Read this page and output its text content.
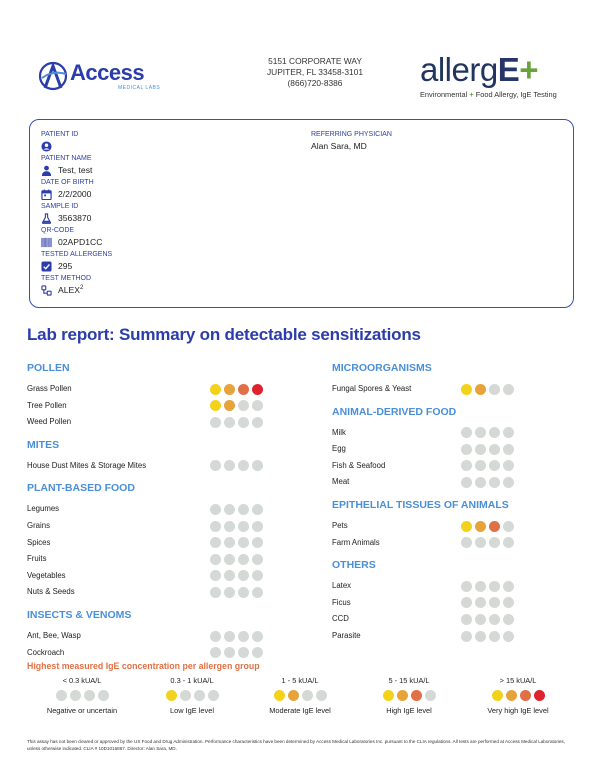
Access
MEDICAL LABS
5151 CORPORATE WAY
JUPITER, FL 33458-3101
(866)720-8386	allergE+
Environmental + Food Allergy, IgE Testing
PATIENT ID
PATIENT NAME
Test, test
DATE OF BIRTH
2/2/2000
SAMPLE ID
3563870
QR-CODE
02APD1CC
TESTED ALLERGENS
295
TEST METHOD
ALEX$^2$
REFERRING PHYSICIAN
Alan Sara, MD
Lab report: Summary on detectable sensitizations
POLLEN
Grass Pollen
Tree Pollen
Weed Pollen
MITES
House Dust Mites & Storage Mites
PLANT-BASED FOOD
Legumes
Grains
Spices
Fruits
Vegetables
Nuts & Seeds
INSECTS & VENOMS
Ant, Bee, Wasp
Cockroach
MICROORGANISMS
Fungal Spores & Yeast
ANIMAL-DERIVED FOOD
Milk
Egg
Fish & Seafood
Meat
EPITHELIAL TISSUES OF ANIMALS
Pets
Farm Animals
OTHERS
Latex
Ficus
CCD
Parasite
Highest measured IgE concentration per allergen group
< 0.3 kUA/L
Negative or uncertain
0.3 - 1 kUA/L
Low IgE level
1 - 5 kUA/L
Moderate IgE level
5 - 15 kUA/L
High IgE level
> 15 kUA/L
Very high IgE level
This assay has not been cleared or approved by the US Food and Drug Administration. Performance characteristics have been determined by Access Medical Laboratories Inc. pursuant to the CLIA regulations. All tests are performed at Access Medical Laboratories, unless otherwise indicated. CLIA # 10D1016867. Director: Alan Sara, MD.
